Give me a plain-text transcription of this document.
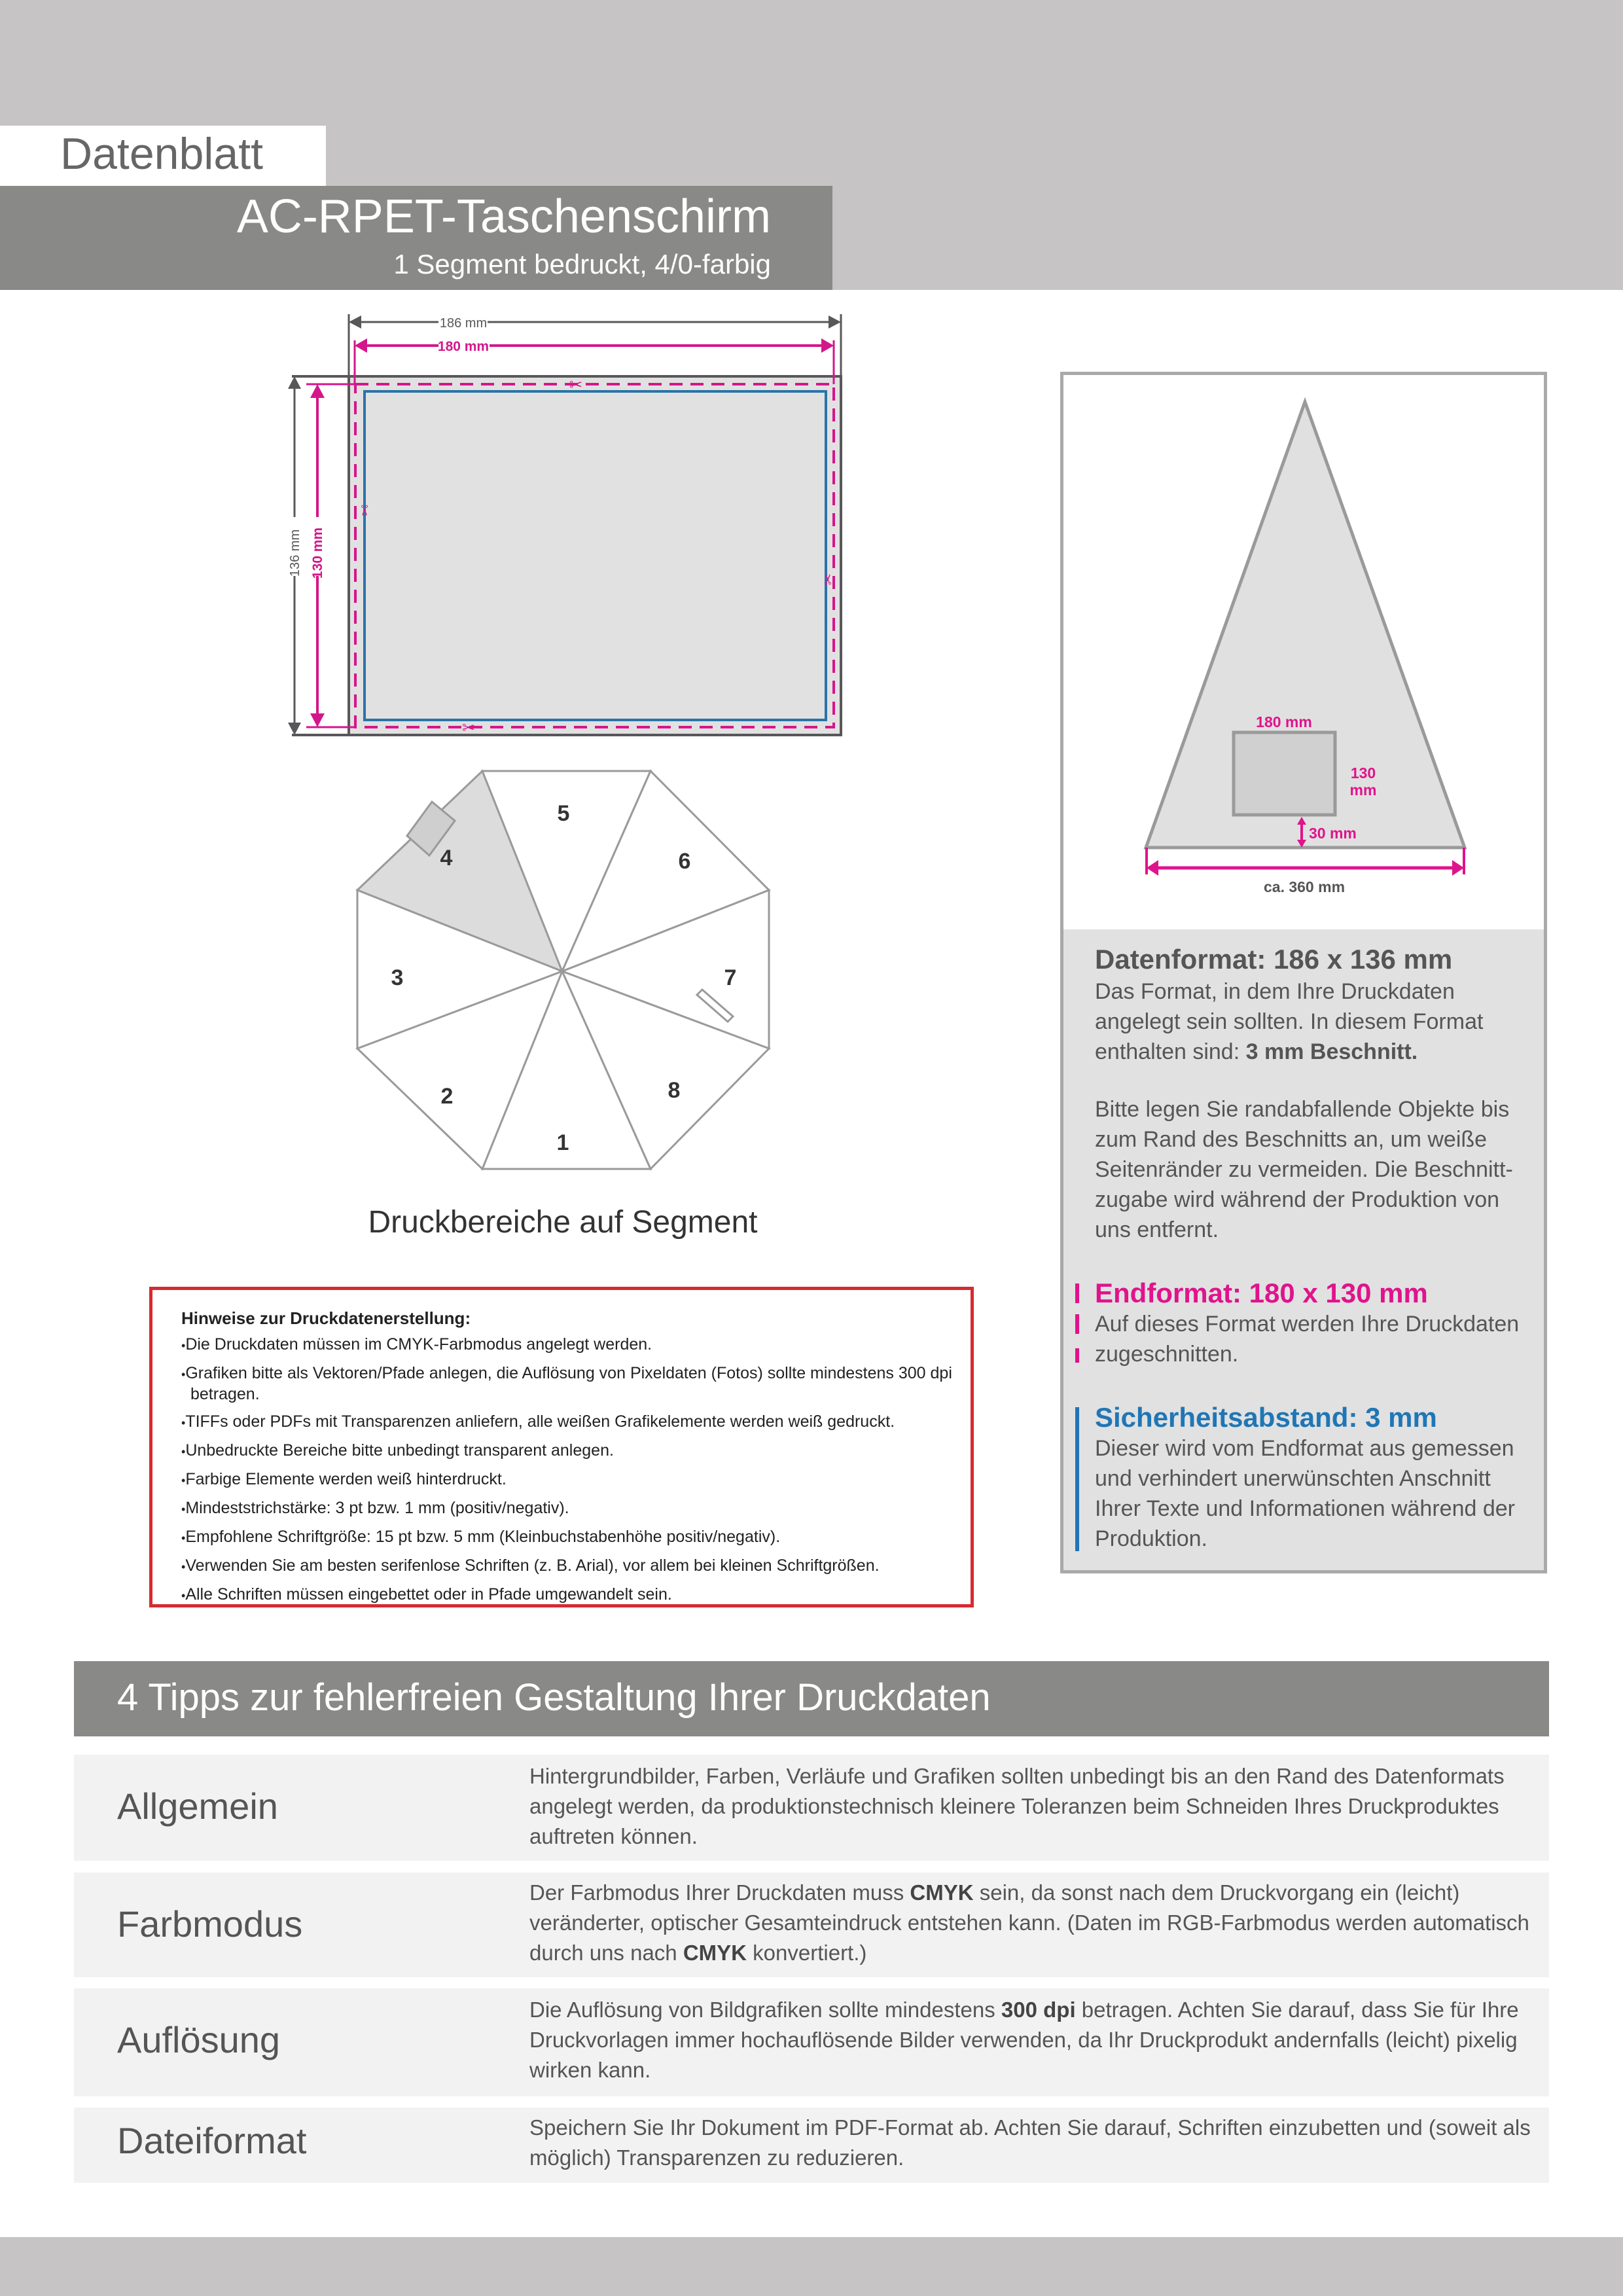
Datenblatt
AC-RPET-Taschenschirm
1 Segment bedruckt, 4/0-farbig
✂
✂
✂
✂
186 mm
180 mm
136 mm 130 mm
1
2
3
4
5
6
7
8
Druckbereiche auf Segment
Hinweise zur Druckdatenerstellung:
• Die Druckdaten müssen im CMYK-Farbmodus angelegt werden.
• Grafiken bitte als Vektoren/Pfade anlegen, die Auflösung von Pixeldaten (Fotos) sollte mindestens 300 dpi betragen.
• TIFFs oder PDFs mit Transparenzen anliefern, alle weißen Grafikelemente werden weiß gedruckt.
• Unbedruckte Bereiche bitte unbedingt transparent anlegen.
• Farbige Elemente werden weiß hinterdruckt.
• Mindeststrichstärke: 3 pt bzw. 1 mm (positiv/negativ).
• Empfohlene Schriftgröße: 15 pt bzw. 5 mm (Kleinbuchstabenhöhe positiv/negativ).
• Verwenden Sie am besten serifenlose Schriften (z. B. Arial), vor allem bei kleinen Schriftgrößen.
• Alle Schriften müssen eingebettet oder in Pfade umgewandelt sein.
180 mm
130
mm
30 mm
ca. 360 mm
Datenformat: 186 x 136 mm
Das Format, in dem Ihre Druckdaten angelegt sein sollten. In diesem Format enthalten sind: 3 mm Beschnitt.
Bitte legen Sie randabfallende Objekte bis zum Rand des Beschnitts an, um weiße Seitenränder zu vermeiden. Die Beschnitt-zugabe wird während der Produktion von uns entfernt.
Endformat: 180 x 130 mm
Auf dieses Format werden Ihre Druckdaten zugeschnitten.
Sicherheitsabstand: 3 mm
Dieser wird vom Endformat aus gemessen und verhindert unerwünschten Anschnitt Ihrer Texte und Informationen während der Produktion.
4 Tipps zur fehlerfreien Gestaltung Ihrer Druckdaten
Allgemein
Hintergrundbilder, Farben, Verläufe und Grafiken sollten unbedingt bis an den Rand des Datenformats angelegt werden, da produktionstechnisch kleinere Toleranzen beim Schneiden Ihres Druckproduktes auftreten können.
Farbmodus
Der Farbmodus Ihrer Druckdaten muss CMYK sein, da sonst nach dem Druckvorgang ein (leicht) veränderter, optischer Gesamteindruck entstehen kann. (Daten im RGB-Farbmodus werden automatisch durch uns nach CMYK konvertiert.)
Auflösung
Die Auflösung von Bildgrafiken sollte mindestens 300 dpi betragen. Achten Sie darauf, dass Sie für Ihre Druckvorlagen immer hochauflösende Bilder verwenden, da Ihr Druckprodukt andernfalls (leicht) pixelig wirken kann.
Dateiformat	Speichern Sie Ihr Dokument im PDF-Format ab. Achten Sie darauf, Schriften einzubetten und (soweit als möglich) Transparenzen zu reduzieren.
